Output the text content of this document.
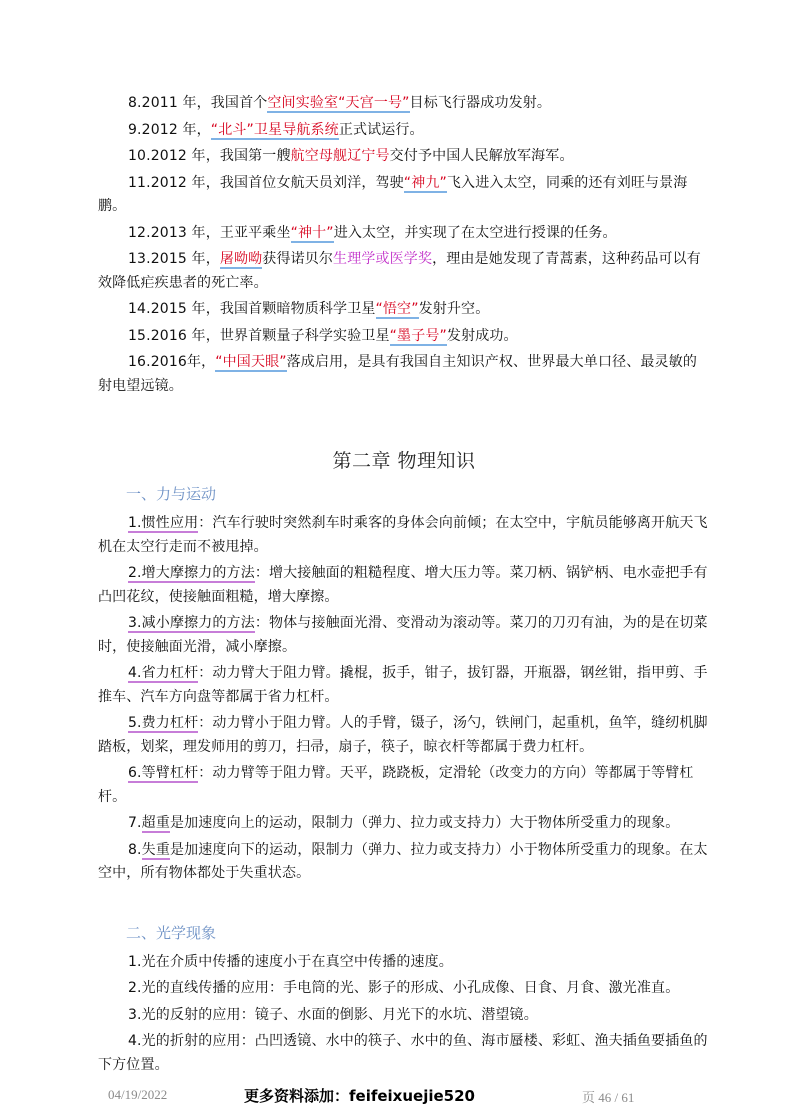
8.2011 年，我国首个空间实验室“天宫一号”目标飞行器成功发射。

9.2012 年，“北斗”卫星导航系统正式试运行。

10.2012 年，我国第一艘航空母舰辽宁号交付予中国人民解放军海军。

11.2012 年，我国首位女航天员刘洋，驾驶“神九”飞入进入太空，同乘的还有刘旺与景海鹏。

12.2013 年，王亚平乘坐“神十”进入太空，并实现了在太空进行授课的任务。

13.2015 年，屠呦呦获得诺贝尔生理学或医学奖，理由是她发现了青蒿素，这种药品可以有效降低疟疾患者的死亡率。

14.2015 年，我国首颗暗物质科学卫星“悟空”发射升空。

15.2016 年，世界首颗量子科学实验卫星“墨子号”发射成功。

16.2016年，“中国天眼”落成启用，是具有我国自主知识产权、世界最大单口径、最灵敏的射电望远镜。

第二章 物理知识
一、力与运动

1.惯性应用：汽车行驶时突然刹车时乘客的身体会向前倾；在太空中，宇航员能够离开航天飞机在太空行走而不被甩掉。

2.增大摩擦力的方法：增大接触面的粗糙程度、增大压力等。菜刀柄、锅铲柄、电水壶把手有凸凹花纹，使接触面粗糙，增大摩擦。

3.减小摩擦力的方法：物体与接触面光滑、变滑动为滚动等。菜刀的刀刃有油，为的是在切菜时，使接触面光滑，减小摩擦。

4.省力杠杆：动力臂大于阻力臂。撬棍，扳手，钳子，拔钉器，开瓶器，钢丝钳，指甲剪、手推车、汽车方向盘等都属于省力杠杆。

5.费力杠杆：动力臂小于阻力臂。人的手臂，镊子，汤勺，铁闸门，起重机，鱼竿，缝纫机脚踏板，划桨，理发师用的剪刀，扫帚，扇子，筷子，晾衣杆等都属于费力杠杆。

6.等臂杠杆：动力臂等于阻力臂。天平，跷跷板，定滑轮（改变力的方向）等都属于等臂杠杆。

7.超重是加速度向上的运动，限制力（弹力、拉力或支持力）大于物体所受重力的现象。

8.失重是加速度向下的运动，限制力（弹力、拉力或支持力）小于物体所受重力的现象。在太空中，所有物体都处于失重状态。

二、光学现象

1.光在介质中传播的速度小于在真空中传播的速度。

2.光的直线传播的应用：手电筒的光、影子的形成、小孔成像、日食、月食、激光准直。

3.光的反射的应用：镜子、水面的倒影、月光下的水坑、潜望镜。

4.光的折射的应用：凸凹透镜、水中的筷子、水中的鱼、海市蜃楼、彩虹、渔夫插鱼要插鱼的下方位置。

04/19/2022	更多资料添加：feifeixuejie520	页 46 / 61
